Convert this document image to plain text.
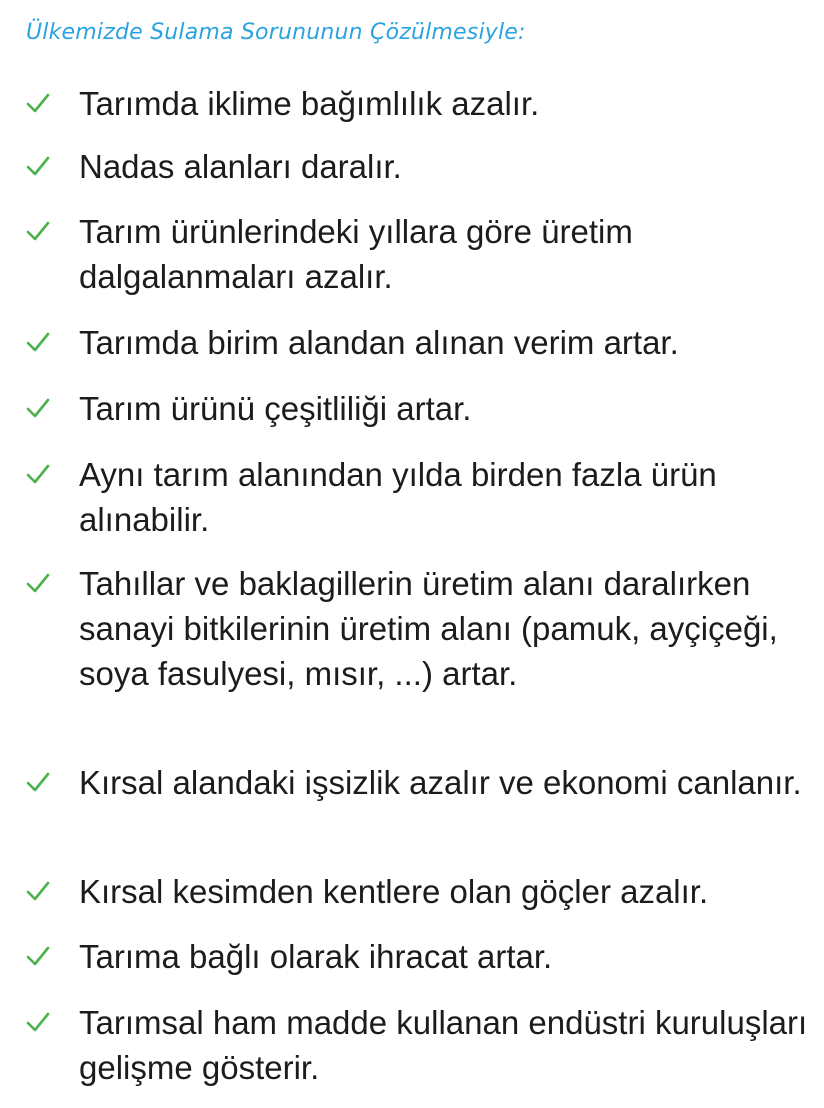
Ülkemizde Sulama Sorununun Çözülmesiyle:
Tarımda iklime bağımlılık azalır.
Nadas alanları daralır.
Tarım ürünlerindeki yıllara göre üretim dalgalanmaları azalır.
Tarımda birim alandan alınan verim artar.
Tarım ürünü çeşitliliği artar.
Aynı tarım alanından yılda birden fazla ürün alınabilir.
Tahıllar ve baklagillerin üretim alanı daralırken sanayi bitkilerinin üretim alanı (pamuk, ayçiçeği, soya fasulyesi, mısır, ...) artar.
Kırsal alandaki işsizlik azalır ve ekonomi canlanır.
Kırsal kesimden kentlere olan göçler azalır.
Tarıma bağlı olarak ihracat artar.
Tarımsal ham madde kullanan endüstri kuruluşları gelişme gösterir.
